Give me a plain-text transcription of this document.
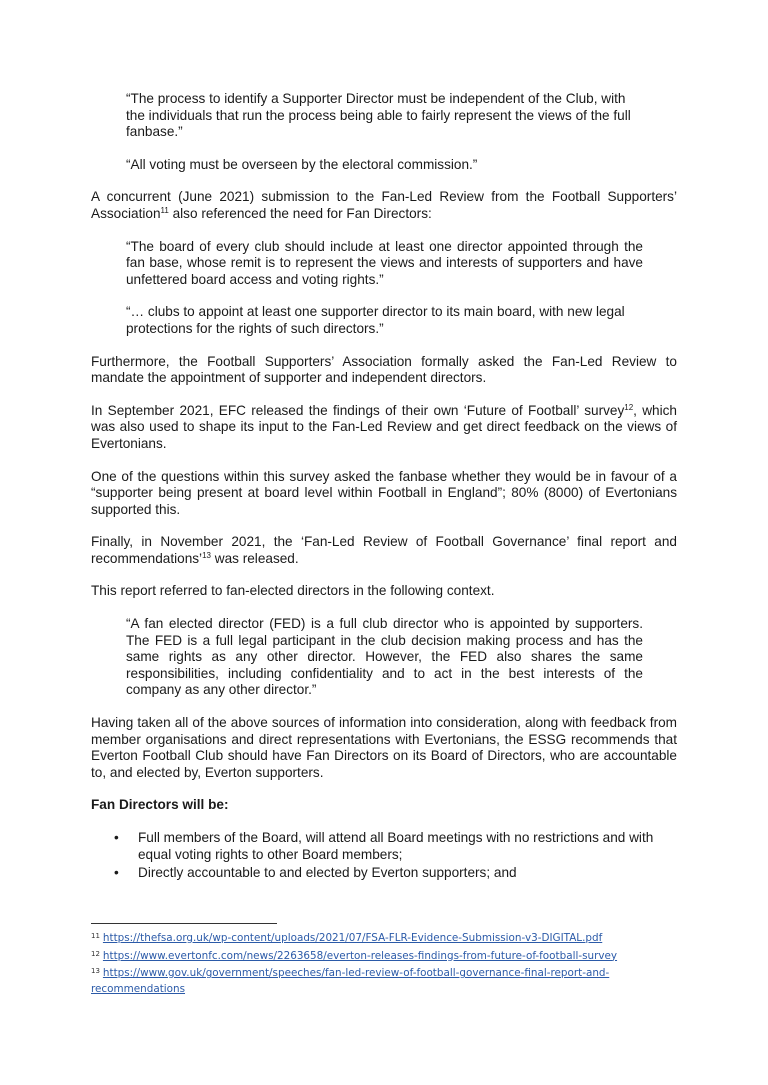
“The process to identify a Supporter Director must be independent of the Club, with the individuals that run the process being able to fairly represent the views of the full fanbase.”

“All voting must be overseen by the electoral commission.”

A concurrent (June 2021) submission to the Fan-Led Review from the Football Supporters’ Association$^{11}$ also referenced the need for Fan Directors:

“The board of every club should include at least one director appointed through the fan base, whose remit is to represent the views and interests of supporters and have unfettered board access and voting rights.”

“… clubs to appoint at least one supporter director to its main board, with new legal protections for the rights of such directors.”

Furthermore, the Football Supporters’ Association formally asked the Fan-Led Review to mandate the appointment of supporter and independent directors.

In September 2021, EFC released the findings of their own ‘Future of Football’ survey$^{12}$, which was also used to shape its input to the Fan-Led Review and get direct feedback on the views of Evertonians.

One of the questions within this survey asked the fanbase whether they would be in favour of a “supporter being present at board level within Football in England”; 80% (8000) of Evertonians supported this.

Finally, in November 2021, the ‘Fan-Led Review of Football Governance’ final report and recommendations’$^{13}$ was released.

This report referred to fan-elected directors in the following context.

“A fan elected director (FED) is a full club director who is appointed by supporters. The FED is a full legal participant in the club decision making process and has the same rights as any other director. However, the FED also shares the same responsibilities, including confidentiality and to act in the best interests of the company as any other director.”

Having taken all of the above sources of information into consideration, along with feedback from member organisations and direct representations with Evertonians, the ESSG recommends that Everton Football Club should have Fan Directors on its Board of Directors, who are accountable to, and elected by, Everton supporters.

Fan Directors will be:

• Full members of the Board, will attend all Board meetings with no restrictions and with equal voting rights to other Board members;
• Directly accountable to and elected by Everton supporters; and
$^{11}$ https://thefsa.org.uk/wp-content/uploads/2021/07/FSA-FLR-Evidence-Submission-v3-DIGITAL.pdf
$^{12}$ https://www.evertonfc.com/news/2263658/everton-releases-findings-from-future-of-football-survey
$^{13}$ https://www.gov.uk/government/speeches/fan-led-review-of-football-governance-final-report-and-recommendations
